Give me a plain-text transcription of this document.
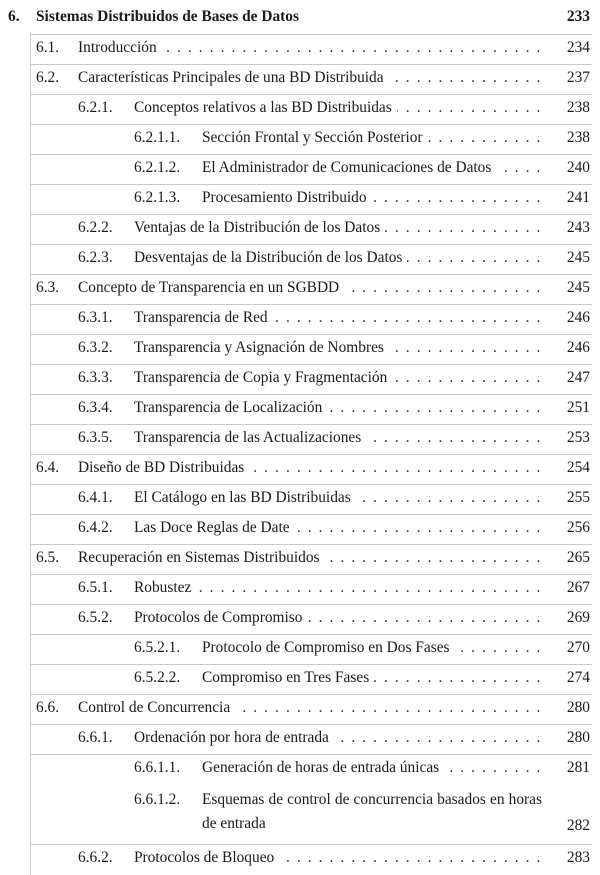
6. Sistemas Distribuidos de Bases de Datos	233
6.1. Introducción . . .	234
6.2. Características Principales de una BD Distribuida . . .	237
6.2.1. Conceptos relativos a las BD Distribuidas . . .	238
6.2.1.1. Sección Frontal y Sección Posterior . . .	238
6.2.1.2. El Administrador de Comunicaciones de Datos . . .	240
6.2.1.3. Procesamiento Distribuido . . .	241
6.2.2. Ventajas de la Distribución de los Datos . . .	243
6.2.3. Desventajas de la Distribución de los Datos . . .	245
6.3. Concepto de Transparencia en un SGBDD . . .	245
6.3.1. Transparencia de Red . . .	246
6.3.2. Transparencia y Asignación de Nombres . . .	246
6.3.3. Transparencia de Copia y Fragmentación . . .	247
6.3.4. Transparencia de Localización . . .	251
6.3.5. Transparencia de las Actualizaciones . . .	253
6.4. Diseño de BD Distribuidas . . .	254
6.4.1. El Catálogo en las BD Distribuidas . . .	255
6.4.2. Las Doce Reglas de Date . . .	256
6.5. Recuperación en Sistemas Distribuidos . . .	265
6.5.1. Robustez . . .	267
6.5.2. Protocolos de Compromiso . . .	269
6.5.2.1. Protocolo de Compromiso en Dos Fases . . .	270
6.5.2.2. Compromiso en Tres Fases . . .	274
6.6. Control de Concurrencia . . .	280
6.6.1. Ordenación por hora de entrada . . .	280
6.6.1.1. Generación de horas de entrada únicas . . .	281
6.6.1.2. Esquemas de control de concurrencia basados en horas de entrada	282
6.6.2. Protocolos de Bloqueo . . .	283
